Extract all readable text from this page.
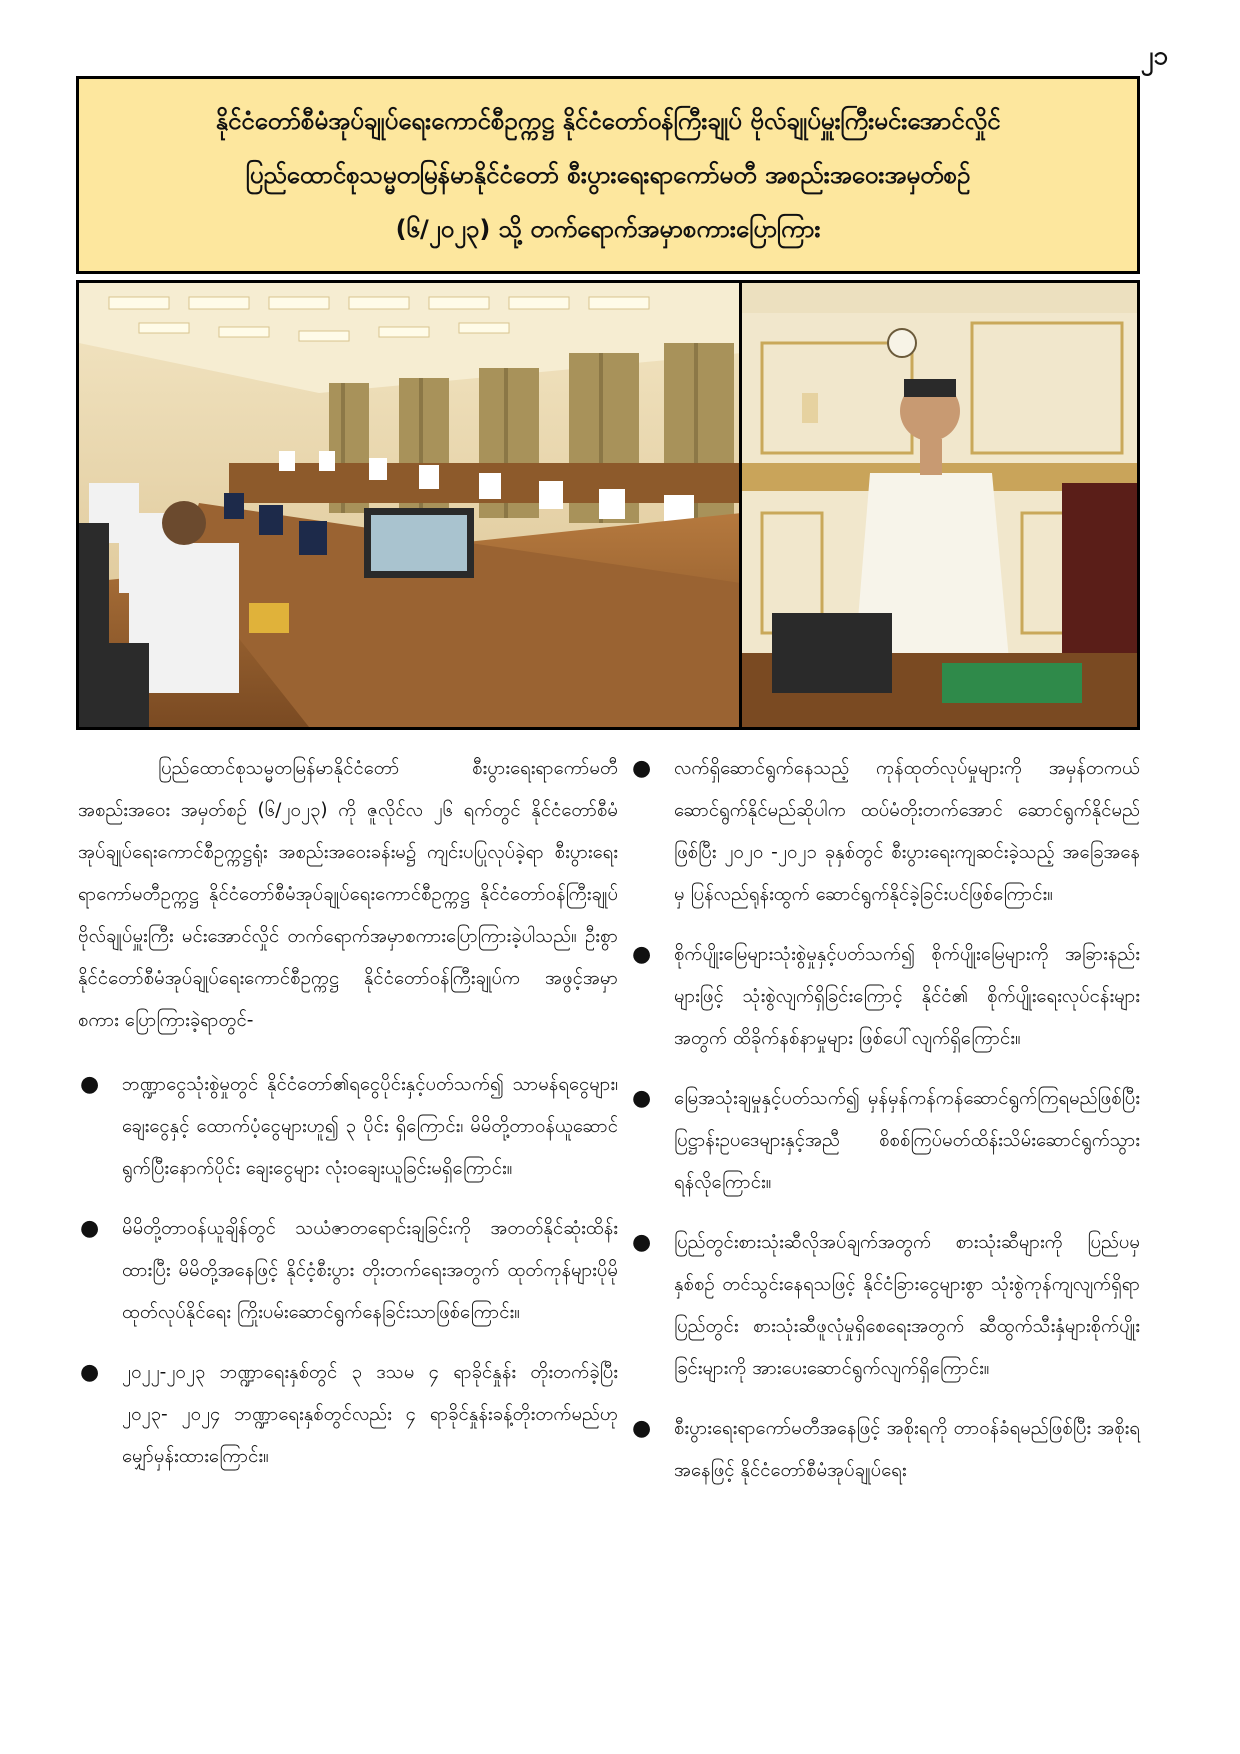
၂၁
နိုင်ငံတော်စီမံအုပ်ချုပ်ရေးကောင်စီဥက္ကဋ္ဌ နိုင်ငံတော်ဝန်ကြီးချုပ် ဗိုလ်ချုပ်မှူးကြီးမင်းအောင်လှိုင်
ပြည်ထောင်စုသမ္မတမြန်မာနိုင်ငံတော် စီးပွားရေးရာကော်မတီ အစည်းအဝေးအမှတ်စဉ်
(၆/၂၀၂၃) သို့ တက်ရောက်အမှာစကားပြောကြား

ပြည်ထောင်စုသမ္မတမြန်မာနိုင်ငံတော် စီးပွားရေးရာကော်မတီ အစည်းအဝေး အမှတ်စဉ် (၆/၂၀၂၃) ကို ဇူလိုင်လ ၂၆ ရက်တွင် နိုင်ငံတော်စီမံအုပ်ချုပ်ရေးကောင်စီဥက္ကဋ္ဌရုံး အစည်းအဝေးခန်းမ၌ ကျင်းပပြုလုပ်ခဲ့ရာ စီးပွားရေးရာကော်မတီဥက္ကဋ္ဌ နိုင်ငံတော်စီမံအုပ်ချုပ်ရေးကောင်စီဥက္ကဋ္ဌ နိုင်ငံတော်ဝန်ကြီးချုပ် ဗိုလ်ချုပ်မှူးကြီး မင်းအောင်လှိုင် တက်ရောက်အမှာစကားပြောကြားခဲ့ပါသည်။ ဦးစွာ နိုင်ငံတော်စီမံအုပ်ချုပ်ရေးကောင်စီဥက္ကဋ္ဌ နိုင်ငံတော်ဝန်ကြီးချုပ်က အဖွင့်အမှာစကား ပြောကြားခဲ့ရာတွင်-

●	ဘဏ္ဍာငွေသုံးစွဲမှုတွင် နိုင်ငံတော်၏ရငွေပိုင်းနှင့်ပတ်သက်၍ သာမန်ရငွေများ၊ ချေးငွေနှင့် ထောက်ပံ့ငွေများဟူ၍ ၃ ပိုင်း ရှိကြောင်း၊ မိမိတို့တာဝန်ယူဆောင်ရွက်ပြီးနောက်ပိုင်း ချေးငွေများ လုံးဝချေးယူခြင်းမရှိကြောင်း။
●	မိမိတို့တာဝန်ယူချိန်တွင် သယံဇာတရောင်းချခြင်းကို အတတ်နိုင်ဆုံးထိန်းထားပြီး မိမိတို့အနေဖြင့် နိုင်ငံ့စီးပွား တိုးတက်ရေးအတွက် ထုတ်ကုန်များပိုမိုထုတ်လုပ်နိုင်ရေး ကြိုးပမ်းဆောင်ရွက်နေခြင်းသာဖြစ်ကြောင်း။
●	၂၀၂၂-၂၀၂၃ ဘဏ္ဍာရေးနှစ်တွင် ၃ ဒသမ ၄ ရာခိုင်နှုန်း တိုးတက်ခဲ့ပြီး ၂၀၂၃- ၂၀၂၄ ဘဏ္ဍာရေးနှစ်တွင်လည်း ၄ ရာခိုင်နှုန်းခန့်တိုးတက်မည်ဟု မျှော်မှန်းထားကြောင်း။
●	လက်ရှိဆောင်ရွက်နေသည့် ကုန်ထုတ်လုပ်မှုများကို အမှန်တကယ်ဆောင်ရွက်နိုင်မည်ဆိုပါက ထပ်မံတိုးတက်အောင် ဆောင်ရွက်နိုင်မည်ဖြစ်ပြီး ၂၀၂၀ -၂၀၂၁ ခုနှစ်တွင် စီးပွားရေးကျဆင်းခဲ့သည့် အခြေအနေမှ ပြန်လည်ရုန်းထွက် ဆောင်ရွက်နိုင်ခဲ့ခြင်းပင်ဖြစ်ကြောင်း။
●	စိုက်ပျိုးမြေများသုံးစွဲမှုနှင့်ပတ်သက်၍ စိုက်ပျိုးမြေများကို အခြားနည်းများဖြင့် သုံးစွဲလျက်ရှိခြင်းကြောင့် နိုင်ငံ၏ စိုက်ပျိုးရေးလုပ်ငန်းများအတွက် ထိခိုက်နစ်နာမှုများ ဖြစ်ပေါ်လျက်ရှိကြောင်း။
●	မြေအသုံးချမှုနှင့်ပတ်သက်၍ မှန်မှန်ကန်ကန်ဆောင်ရွက်ကြရမည်ဖြစ်ပြီး ပြဋ္ဌာန်းဥပဒေများနှင့်အညီ စိစစ်ကြပ်မတ်ထိန်းသိမ်းဆောင်ရွက်သွားရန်လိုကြောင်း။
●	ပြည်တွင်းစားသုံးဆီလိုအပ်ချက်အတွက် စားသုံးဆီများကို ပြည်ပမှနှစ်စဉ် တင်သွင်းနေရသဖြင့် နိုင်ငံခြားငွေများစွာ သုံးစွဲကုန်ကျလျက်ရှိရာ ပြည်တွင်း စားသုံးဆီဖူလုံမှုရှိစေရေးအတွက် ဆီထွက်သီးနှံများစိုက်ပျိုးခြင်းများကို အားပေးဆောင်ရွက်လျက်ရှိကြောင်း။
●	စီးပွားရေးရာကော်မတီအနေဖြင့် အစိုးရကို တာဝန်ခံရမည်ဖြစ်ပြီး အစိုးရအနေဖြင့် နိုင်ငံတော်စီမံအုပ်ချုပ်ရေး
